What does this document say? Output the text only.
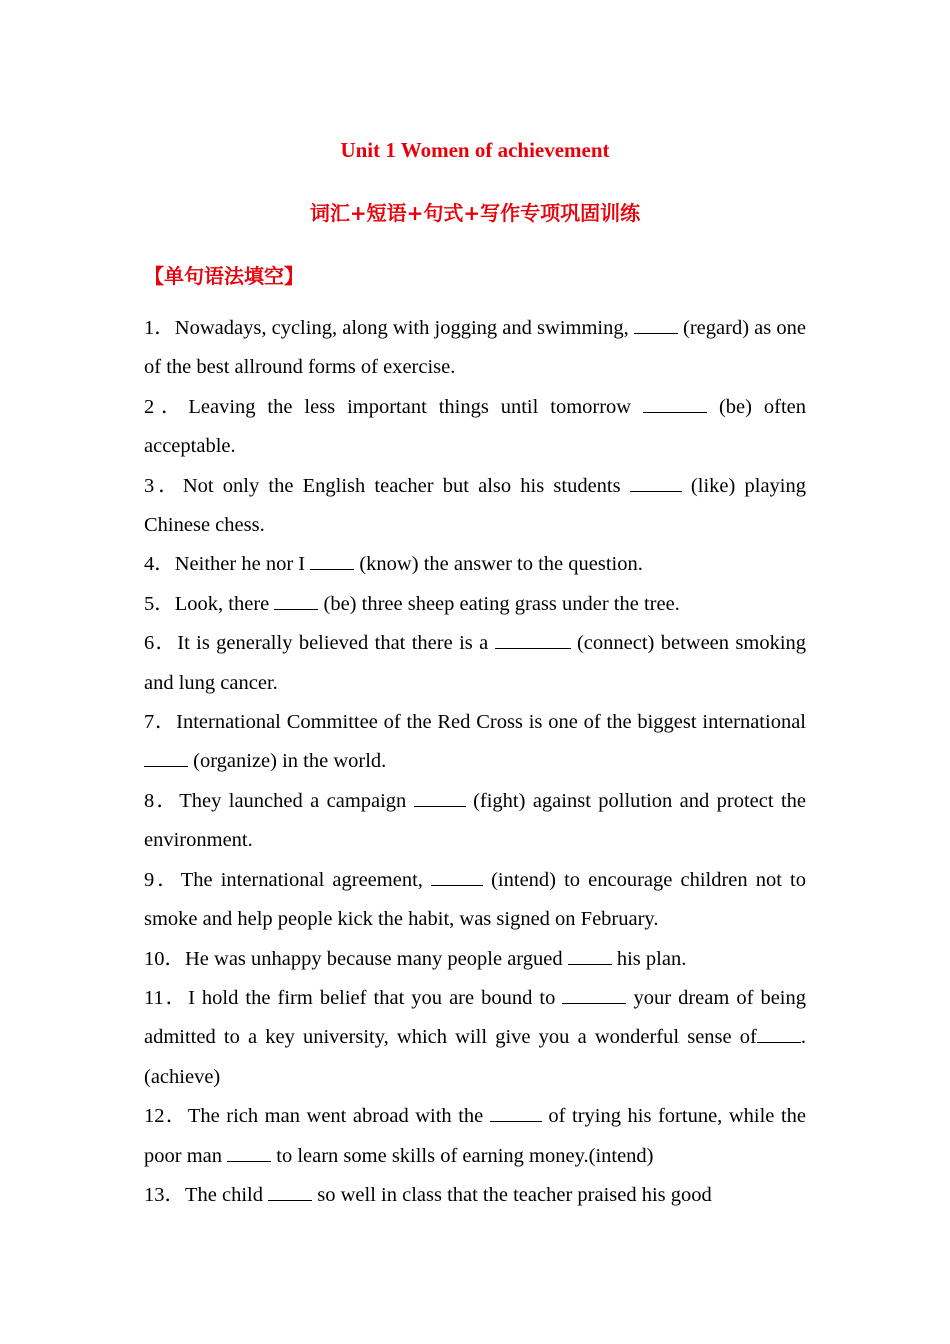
Unit 1 Women of achievement
词汇+短语+句式+写作专项巩固训练
【单句语法填空】
1．Nowadays, cycling, along with jogging and swimming,  (regard) as one of the best allround forms of exercise.
2．Leaving the less important things until tomorrow	(be) often acceptable.
3．Not only the English teacher but also his students	(like) playing Chinese chess.
4．Neither he nor I  (know) the answer to the question.
5．Look, there  (be) three sheep eating grass under the tree.
6．It is generally believed that there is a	(connect) between smoking and lung cancer.
7．International Committee of the Red Cross is one of the biggest international  (organize) in the world.
8．They launched a campaign	(fight) against pollution and protect the environment.
9．The international agreement,	(intend) to encourage children not to smoke and help people kick the habit, was signed on February.
10．He was unhappy because many people argued  his plan.
11．I hold the firm belief that you are bound to	your dream of being admitted to a key university, which will give you a wonderful sense of .(achieve)
12．The rich man went abroad with the	of trying his fortune, while the poor man  to learn some skills of earning money.(intend)
13．The child  so well in class that the teacher praised his good
